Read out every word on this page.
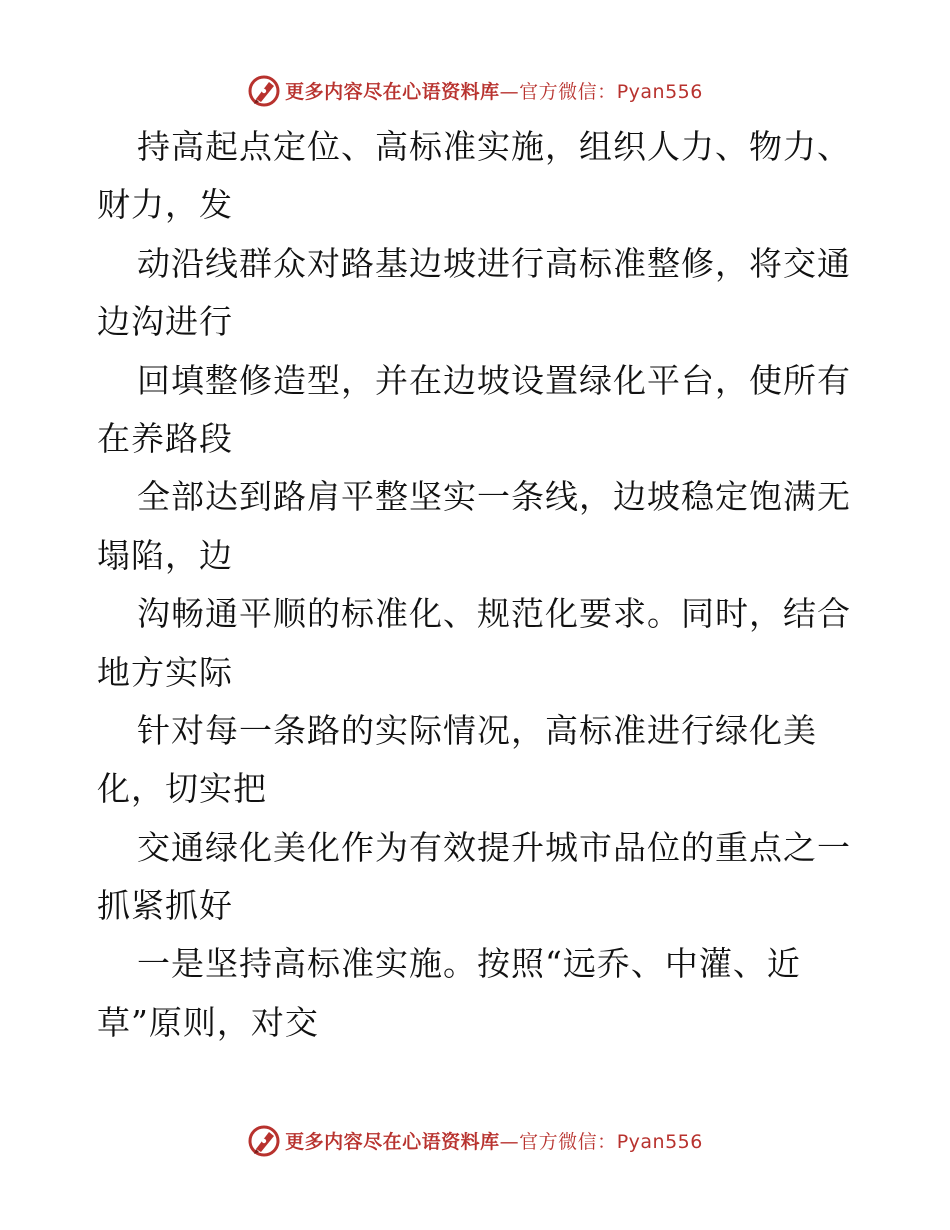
更多内容尽在心语资料库—官方微信：Pyan556
持高起点定位、高标准实施，组织人力、物力、
财力，发
动沿线群众对路基边坡进行高标准整修，将交通
边沟进行
回填整修造型，并在边坡设置绿化平台，使所有
在养路段
全部达到路肩平整坚实一条线，边坡稳定饱满无
塌陷，边
沟畅通平顺的标准化、规范化要求。同时，结合
地方实际
针对每一条路的实际情况，高标准进行绿化美
化，切实把
交通绿化美化作为有效提升城市品位的重点之一
抓紧抓好
一是坚持高标准实施。按照“远乔、中灌、近
草”原则，对交
更多内容尽在心语资料库—官方微信：Pyan556
